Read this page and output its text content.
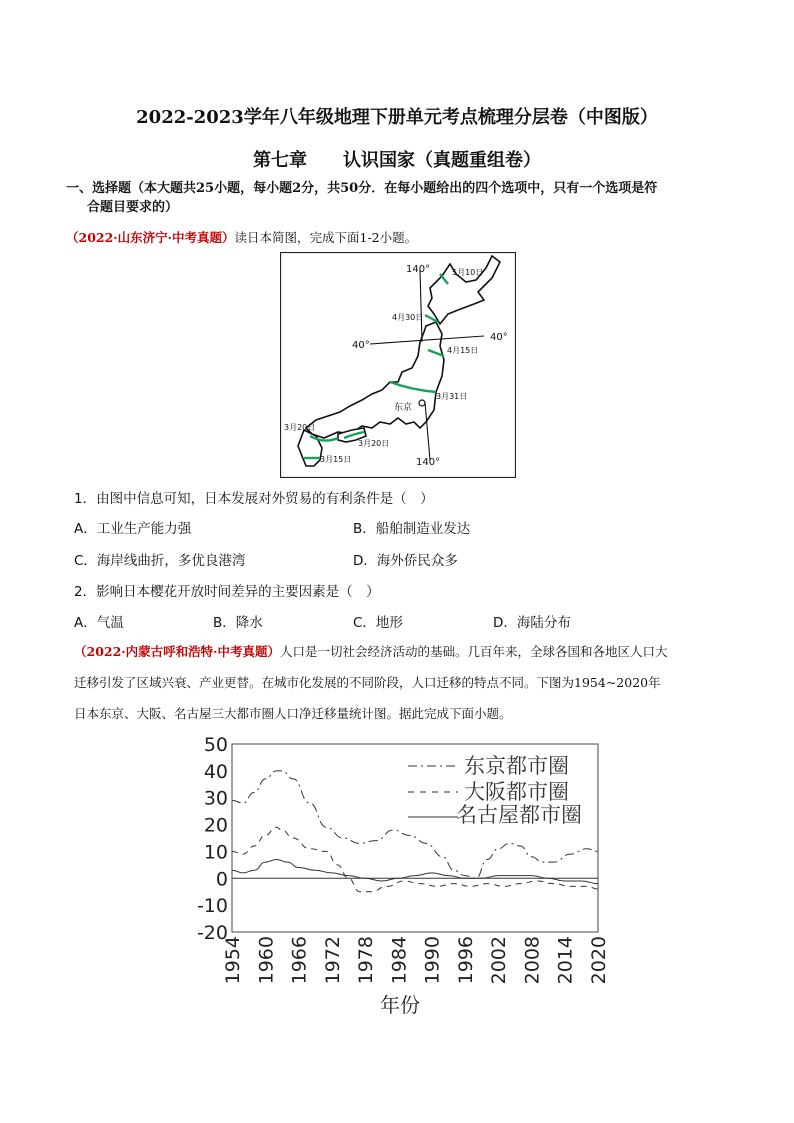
2022-2023学年八年级地理下册单元考点梳理分层卷（中图版）
第七章　　认识国家（真题重组卷）
一、选择题（本大题共25小题，每小题2分，共50分．在每小题给出的四个选项中，只有一个选项是符
合题目要求的）
（2022·山东济宁·中考真题）读日本简图，完成下面1-2小题。
140°
140°
40°
40°
5月10日
4月30日
4月15日
3月31日
东京
3月20日
3月20日
3月15日
1．由图中信息可知，日本发展对外贸易的有利条件是（　）
A．工业生产能力强	B．船舶制造业发达
C．海岸线曲折，多优良港湾	D．海外侨民众多
2．影响日本樱花开放时间差异的主要因素是（　）
A．气温	B．降水	C．地形	D．海陆分布
（2022·内蒙古呼和浩特·中考真题）人口是一切社会经济活动的基础。几百年来，全球各国和各地区人口大
迁移引发了区域兴衰、产业更替。在城市化发展的不同阶段，人口迁移的特点不同。下图为1954~2020年
日本东京、大阪、名古屋三大都市圈人口净迁移量统计图。据此完成下面小题。
50
40
30
20
10
0
-10
-20
1954 1960 1966 1972 1978 1984 1990 1996 2002 2008 2014 2020
年份
东京都市圈
大阪都市圈
名古屋都市圈
